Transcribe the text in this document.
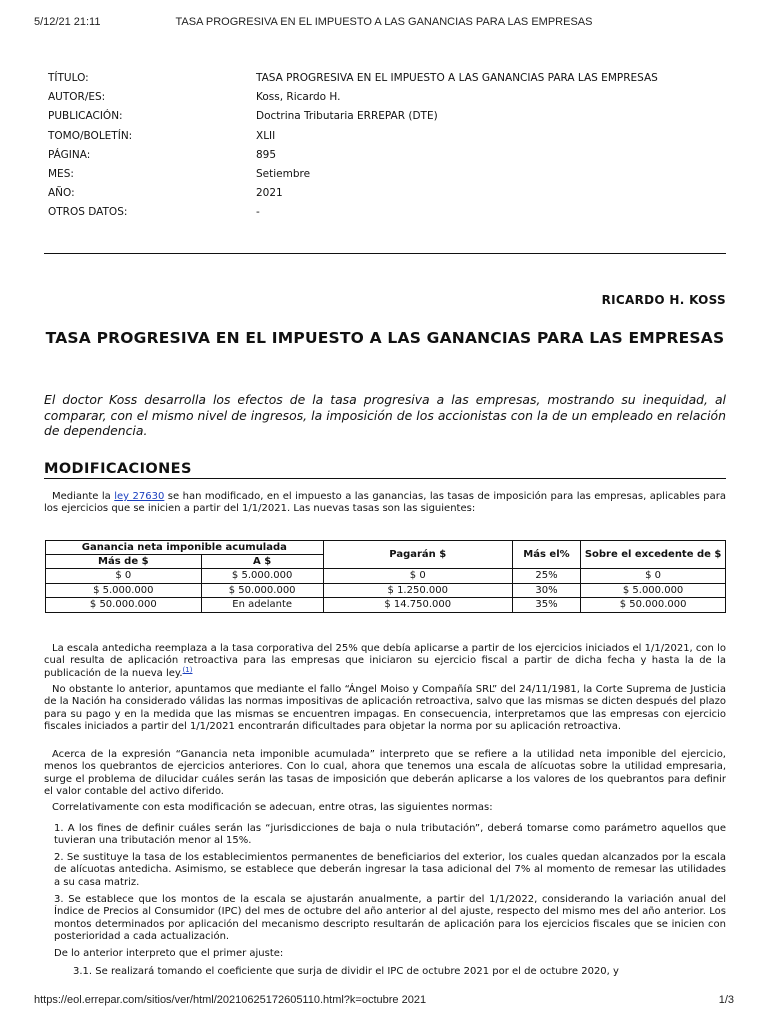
5/12/21 21:11	TASA PROGRESIVA EN EL IMPUESTO A LAS GANANCIAS PARA LAS EMPRESAS
TÍTULO:	TASA PROGRESIVA EN EL IMPUESTO A LAS GANANCIAS PARA LAS EMPRESAS
AUTOR/ES:	Koss, Ricardo H.
PUBLICACIÓN:	Doctrina Tributaria ERREPAR (DTE)
TOMO/BOLETÍN:	XLII
PÁGINA:	895
MES:	Setiembre
AÑO:	2021
OTROS DATOS:	-
RICARDO H. KOSS
TASA PROGRESIVA EN EL IMPUESTO A LAS GANANCIAS PARA LAS EMPRESAS

El doctor Koss desarrolla los efectos de la tasa progresiva a las empresas, mostrando su inequidad, al comparar, con el mismo nivel de ingresos, la imposición de los accionistas con la de un empleado en relación de dependencia.

MODIFICACIONES

Mediante la ley 27630 se han modificado, en el impuesto a las ganancias, las tasas de imposición para las empresas, aplicables para los ejercicios que se inicien a partir del 1/1/2021. Las nuevas tasas son las siguientes:

Ganancia neta imponible acumulada		Pagarán $	Más el%	Sobre el excedente de $
Más de $	A $			
$ 0	$ 5.000.000	$ 0	25%	$ 0
$ 5.000.000	$ 50.000.000	$ 1.250.000	30%	$ 5.000.000
$ 50.000.000	En adelante	$ 14.750.000	35%	$ 50.000.000

La escala antedicha reemplaza a la tasa corporativa del 25% que debía aplicarse a partir de los ejercicios iniciados el 1/1/2021, con lo cual resulta de aplicación retroactiva para las empresas que iniciaron su ejercicio fiscal a partir de dicha fecha y hasta la de la publicación de la nueva ley.$^{(1)}$

No obstante lo anterior, apuntamos que mediante el fallo “Ángel Moiso y Compañía SRL” del 24/11/1981, la Corte Suprema de Justicia de la Nación ha considerado válidas las normas impositivas de aplicación retroactiva, salvo que las mismas se dicten después del plazo para su pago y en la medida que las mismas se encuentren impagas. En consecuencia, interpretamos que las empresas con ejercicio fiscales iniciados a partir del 1/1/2021 encontrarán dificultades para objetar la norma por su aplicación retroactiva.

Acerca de la expresión “Ganancia neta imponible acumulada” interpreto que se refiere a la utilidad neta imponible del ejercicio, menos los quebrantos de ejercicios anteriores. Con lo cual, ahora que tenemos una escala de alícuotas sobre la utilidad empresaria, surge el problema de dilucidar cuáles serán las tasas de imposición que deberán aplicarse a los valores de los quebrantos para definir el valor contable del activo diferido.

Correlativamente con esta modificación se adecuan, entre otras, las siguientes normas:

1. A los fines de definir cuáles serán las “jurisdicciones de baja o nula tributación”, deberá tomarse como parámetro aquellos que tuvieran una tributación menor al 15%.

2. Se sustituye la tasa de los establecimientos permanentes de beneficiarios del exterior, los cuales quedan alcanzados por la escala de alícuotas antedicha. Asimismo, se establece que deberán ingresar la tasa adicional del 7% al momento de remesar las utilidades a su casa matriz.

3. Se establece que los montos de la escala se ajustarán anualmente, a partir del 1/1/2022, considerando la variación anual del Índice de Precios al Consumidor (IPC) del mes de octubre del año anterior al del ajuste, respecto del mismo mes del año anterior. Los montos determinados por aplicación del mecanismo descripto resultarán de aplicación para los ejercicios fiscales que se inicien con posterioridad a cada actualización.

De lo anterior interpreto que el primer ajuste:

3.1. Se realizará tomando el coeficiente que surja de dividir el IPC de octubre 2021 por el de octubre 2020, y

https://eol.errepar.com/sitios/ver/html/20210625172605110.html?k=octubre 2021	1/3
